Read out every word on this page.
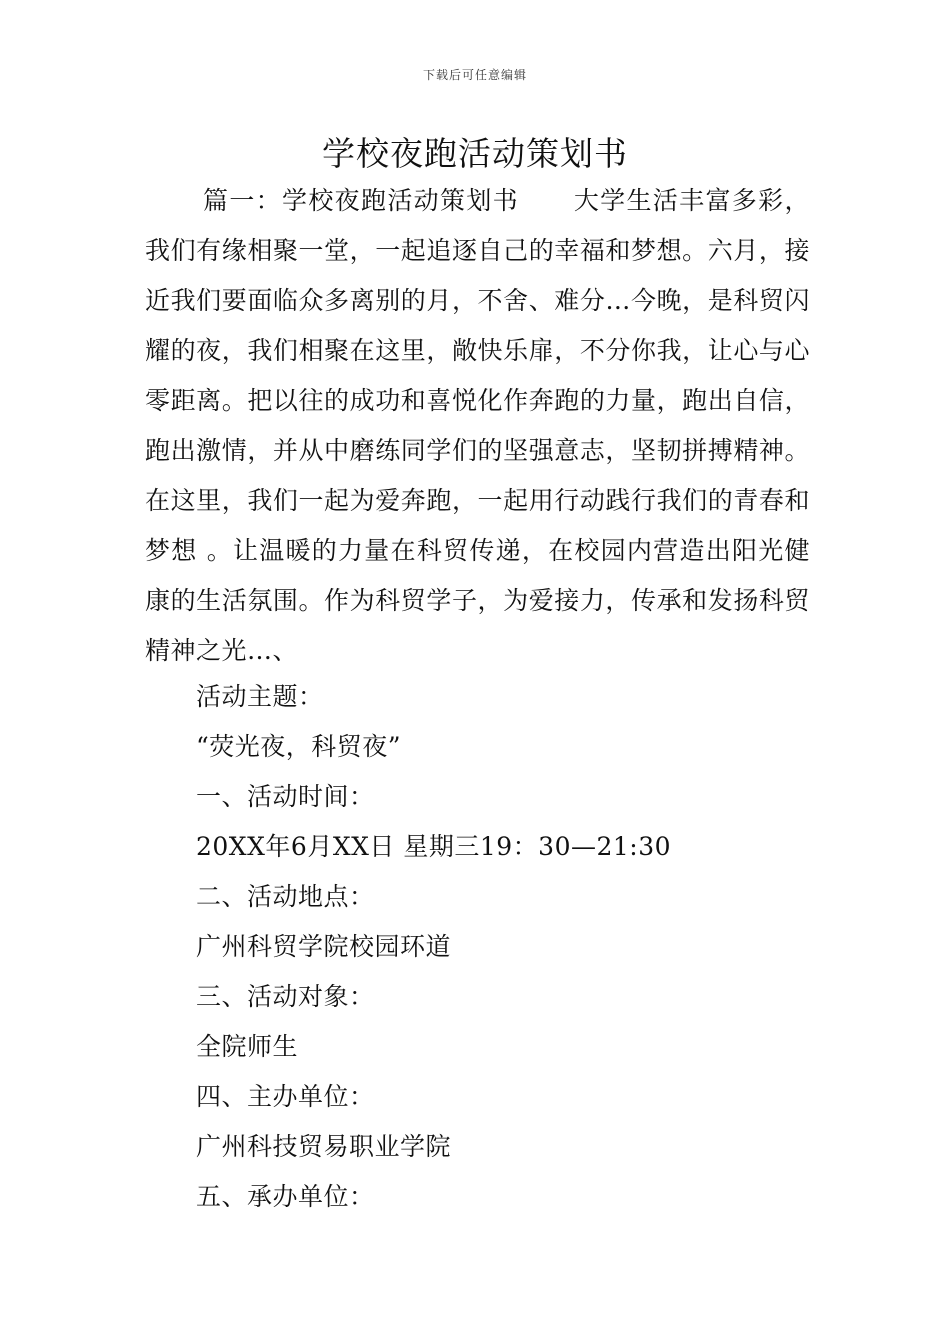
下载后可任意编辑
学校夜跑活动策划书

篇一：学校夜跑活动策划书 大学生活丰富多彩，我们有缘相聚一堂，一起追逐自己的幸福和梦想。六月，接近我们要面临众多离别的月，不舍、难分…今晚，是科贸闪耀的夜，我们相聚在这里，敞快乐扉，不分你我，让心与心零距离。把以往的成功和喜悦化作奔跑的力量，跑出自信，跑出激情，并从中磨练同学们的坚强意志，坚韧拼搏精神。在这里，我们一起为爱奔跑，一起用行动践行我们的青春和梦想 。让温暖的力量在科贸传递，在校园内营造出阳光健康的生活氛围。作为科贸学子，为爱接力，传承和发扬科贸精神之光…、

活动主题：
“荧光夜，科贸夜”
一、活动时间：
20XX年6月XX日 星期三19：30—21:30
二、活动地点：
广州科贸学院校园环道
三、活动对象：
全院师生
四、主办单位：
广州科技贸易职业学院
五、承办单位：
